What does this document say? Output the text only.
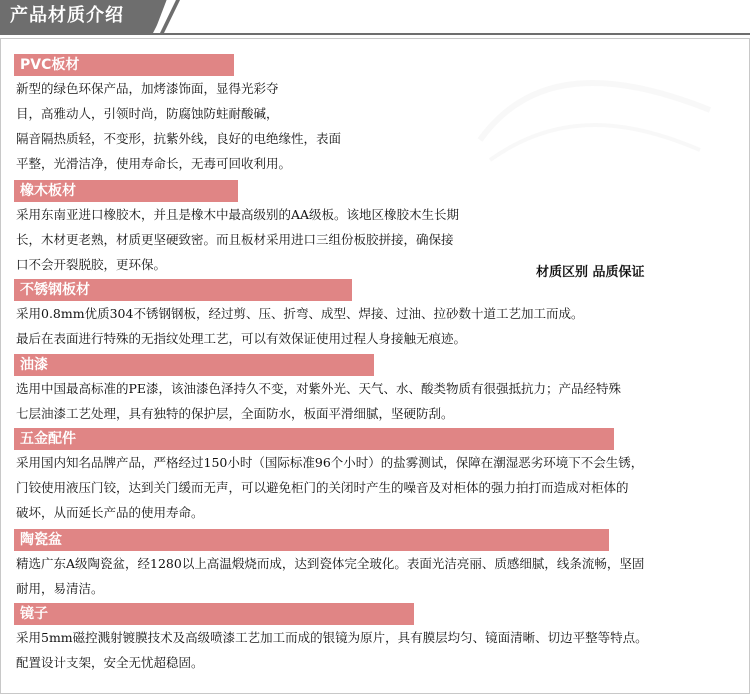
产品材质介绍
材质区别 品质保证
PVC板材
新型的绿色环保产品，加烤漆饰面，显得光彩夺
目，高雅动人，引领时尚，防腐蚀防蛀耐酸碱，
隔音隔热质轻，不变形，抗紫外线，良好的电绝缘性，表面
平整，光滑洁净，使用寿命长，无毒可回收利用。
橡木板材
采用东南亚进口橡胶木，并且是橡木中最高级别的AA级板。该地区橡胶木生长期
长，木材更老熟，材质更坚硬致密。而且板材采用进口三组份板胶拼接，确保接
口不会开裂脱胶，更环保。
不锈钢板材
采用0.8mm优质304不锈钢钢板，经过剪、压、折弯、成型、焊接、过油、拉砂数十道工艺加工而成。
最后在表面进行特殊的无指纹处理工艺，可以有效保证使用过程人身接触无痕迹。
油漆
选用中国最高标准的PE漆，该油漆色泽持久不变，对紫外光、天气、水、酸类物质有很强抵抗力；产品经特殊
七层油漆工艺处理，具有独特的保护层，全面防水，板面平滑细腻，坚硬防刮。
五金配件
采用国内知名品牌产品，严格经过150小时（国际标准96个小时）的盐雾测试，保障在潮湿恶劣环境下不会生锈，
门铰使用液压门铰，达到关门缓而无声，可以避免柜门的关闭时产生的噪音及对柜体的强力拍打而造成对柜体的
破坏，从而延长产品的使用寿命。
陶瓷盆
精选广东A级陶瓷盆，经1280以上高温煅烧而成，达到瓷体完全玻化。表面光洁亮丽、质感细腻，线条流畅，坚固
耐用，易清洁。
镜子
采用5mm磁控溅射镀膜技术及高级喷漆工艺加工而成的银镜为原片，具有膜层均匀、镜面清晰、切边平整等特点。
配置设计支架，安全无忧超稳固。
